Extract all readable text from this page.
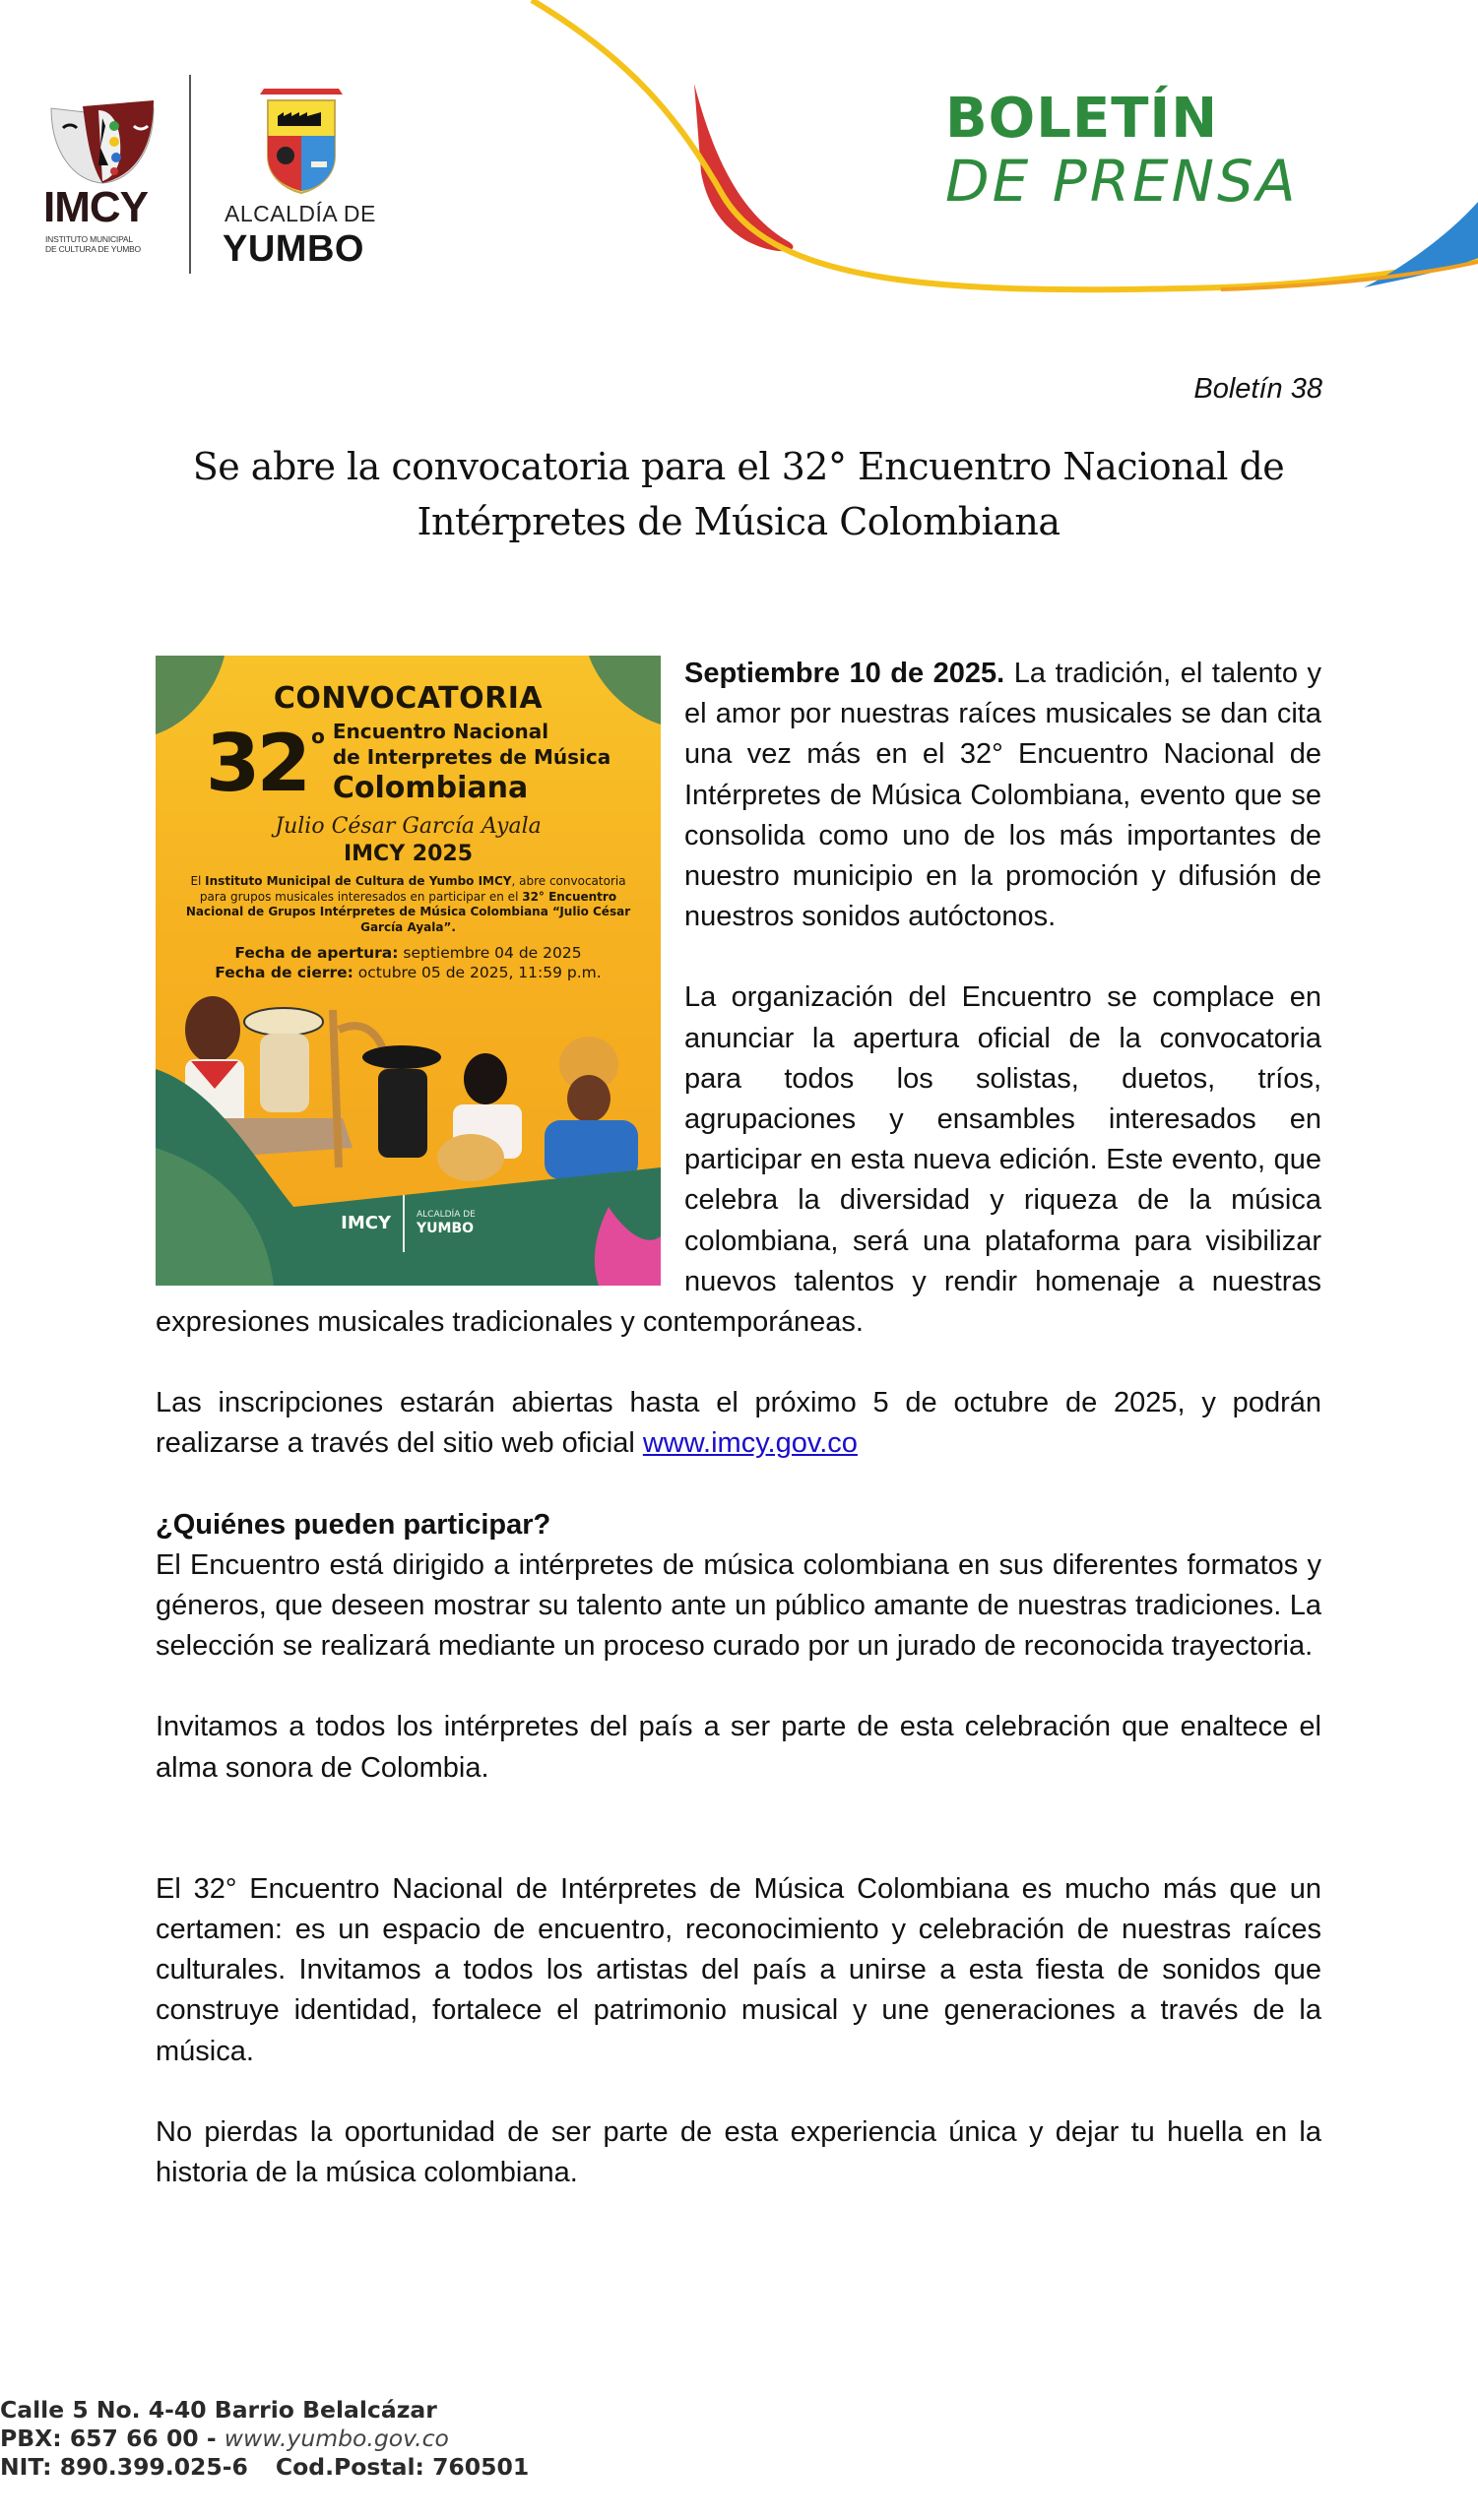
IMCY
INSTITUTO MUNICIPAL
DE CULTURA DE YUMBO
ALCALDÍA DE
YUMBO
BOLETÍN
DE PRENSA
Boletín 38
Se abre la convocatoria para el 32° Encuentro Nacional de Intérpretes de Música Colombiana
CONVOCATORIA
32 o Encuentro Nacional
de Interpretes de Música
Colombiana
Julio César García Ayala
IMCY 2025
El Instituto Municipal de Cultura de Yumbo IMCY, abre convocatoria para grupos musicales interesados en participar en el 32° Encuentro Nacional de Grupos Intérpretes de Música Colombiana “Julio César García Ayala”.
Fecha de apertura: septiembre 04 de 2025
Fecha de cierre: octubre 05 de 2025, 11:59 p.m.
IMCY	ALCALDÍA DE
YUMBO

Septiembre 10 de 2025. La tradición, el talento y el amor por nuestras raíces musicales se dan cita una vez más en el 32° Encuentro Nacional de Intérpretes de Música Colombiana, evento que se consolida como uno de los más importantes de nuestro municipio en la promoción y difusión de nuestros sonidos autóctonos.

La organización del Encuentro se complace en anunciar la apertura oficial de la convocatoria para todos los solistas, duetos, tríos, agrupaciones y ensambles interesados en participar en esta nueva edición. Este evento, que celebra la diversidad y riqueza de la música colombiana, será una plataforma para visibilizar nuevos talentos y rendir homenaje a nuestras expresiones musicales tradicionales y contemporáneas.

Las inscripciones estarán abiertas hasta el próximo 5 de octubre de 2025, y podrán realizarse a través del sitio web oficial www.imcy.gov.co

¿Quiénes pueden participar?

El Encuentro está dirigido a intérpretes de música colombiana en sus diferentes formatos y géneros, que deseen mostrar su talento ante un público amante de nuestras tradiciones. La selección se realizará mediante un proceso curado por un jurado de reconocida trayectoria.

Invitamos a todos los intérpretes del país a ser parte de esta celebración que enaltece el alma sonora de Colombia.

El 32° Encuentro Nacional de Intérpretes de Música Colombiana es mucho más que un certamen: es un espacio de encuentro, reconocimiento y celebración de nuestras raíces culturales. Invitamos a todos los artistas del país a unirse a esta fiesta de sonidos que construye identidad, fortalece el patrimonio musical y une generaciones a través de la música.

No pierdas la oportunidad de ser parte de esta experiencia única y dejar tu huella en la historia de la música colombiana.

Calle 5 No. 4-40 Barrio Belalcázar
PBX: 657 66 00 - www.yumbo.gov.co
NIT: 890.399.025-6 Cod.Postal: 760501
